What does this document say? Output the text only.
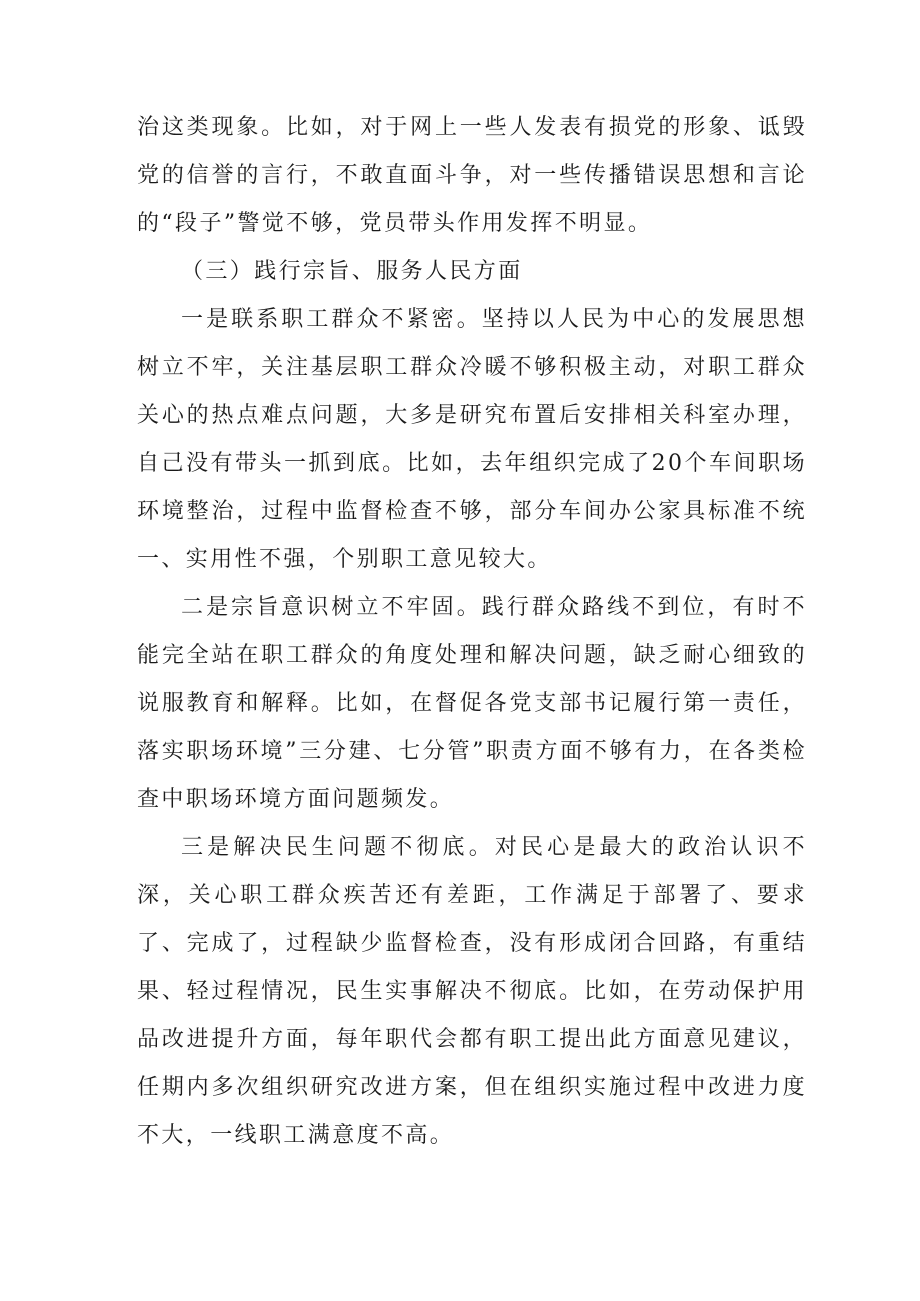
治这类现象。比如，对于网上一些人发表有损党的形象、诋毁党的信誉的言行，不敢直面斗争，对一些传播错误思想和言论的“段子”警觉不够，党员带头作用发挥不明显。

（三）践行宗旨、服务人民方面

一是联系职工群众不紧密。坚持以人民为中心的发展思想树立不牢，关注基层职工群众冷暖不够积极主动，对职工群众关心的热点难点问题，大多是研究布置后安排相关科室办理，自己没有带头一抓到底。比如，去年组织完成了20个车间职场环境整治，过程中监督检查不够，部分车间办公家具标准不统一、实用性不强，个别职工意见较大。

二是宗旨意识树立不牢固。践行群众路线不到位，有时不能完全站在职工群众的角度处理和解决问题，缺乏耐心细致的说服教育和解释。比如，在督促各党支部书记履行第一责任，落实职场环境”三分建、七分管”职责方面不够有力，在各类检查中职场环境方面问题频发。

三是解决民生问题不彻底。对民心是最大的政治认识不深，关心职工群众疾苦还有差距，工作满足于部署了、要求了、完成了，过程缺少监督检查，没有形成闭合回路，有重结果、轻过程情况，民生实事解决不彻底。比如，在劳动保护用品改进提升方面，每年职代会都有职工提出此方面意见建议，任期内多次组织研究改进方案，但在组织实施过程中改进力度不大，一线职工满意度不高。
